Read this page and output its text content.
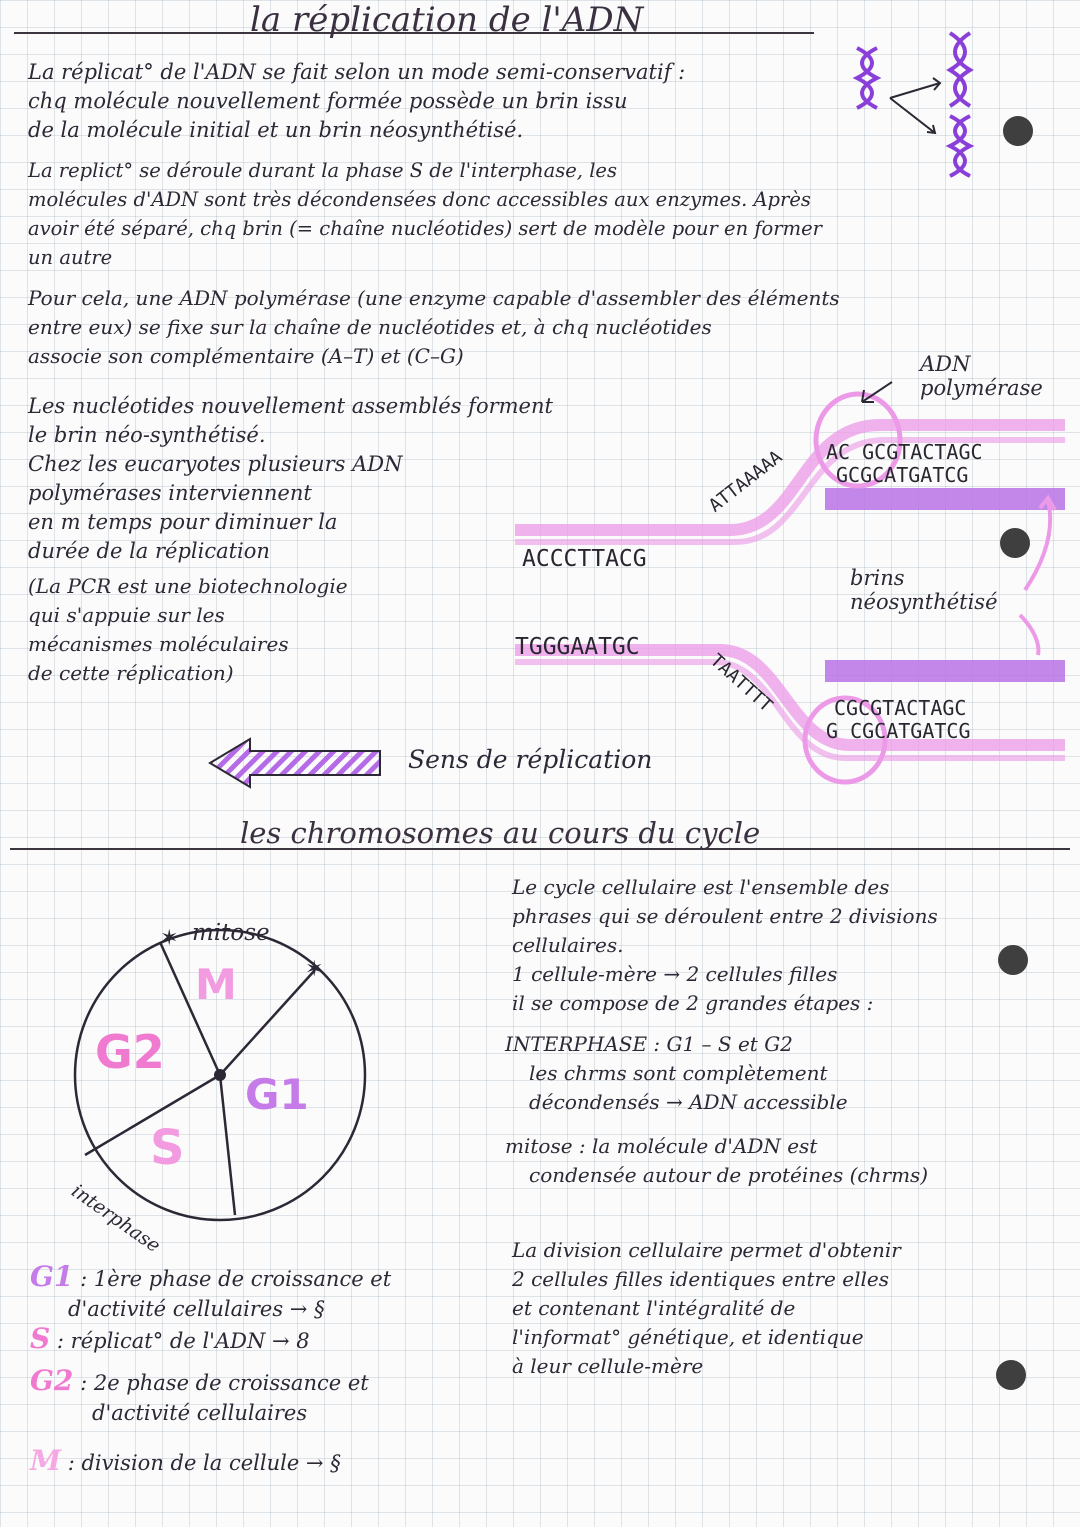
la réplication de l'ADN
La réplicat° de l'ADN se fait selon un mode semi-conservatif :
chq molécule nouvellement formée possède un brin issu
de la molécule initial et un brin néosynthétisé.
La replict° se déroule durant la phase S de l'interphase, les
molécules d'ADN sont très décondensées donc accessibles aux enzymes. Après
avoir été séparé, chq brin (= chaîne nucléotides) sert de modèle pour en former
un autre
Pour cela, une ADN polymérase (une enzyme capable d'assembler des éléments
entre eux) se fixe sur la chaîne de nucléotides et, à chq nucléotides
associe son complémentaire (A–T) et (C–G)
Les nucléotides nouvellement assemblés forment
le brin néo-synthétisé.
Chez les eucaryotes plusieurs ADN
polymérases interviennent
en m temps pour diminuer la
durée de la réplication
(La PCR est une biotechnologie
qui s'appuie sur les
mécanismes moléculaires
de cette réplication)
ADN
polymérase
AC GCGTACTAGC
GCGCATGATCG
ATTAAAAA
ACCCTTACG
brins
néosynthétisé
TGGGAATGC
TAATTTT	CGCGTACTAGC
G CGCATGATCG
Sens de réplication
les chromosomes au cours du cycle
Le cycle cellulaire est l'ensemble des
phrases qui se déroulent entre 2 divisions
cellulaires.
1 cellule-mère → 2 cellules filles
il se compose de 2 grandes étapes :
INTERPHASE : G1 – S et G2
les chrms sont complètement
décondensés → ADN accessible
mitose : la molécule d'ADN est
condensée autour de protéines (chrms)
La division cellulaire permet d'obtenir
2 cellules filles identiques entre elles
et contenant l'intégralité de
l'informat° génétique, et identique
à leur cellule-mère
✶
✶
mitose
interphase
M
G1
S
G2
G1 : 1ère phase de croissance et
d'activité cellulaires → §
S : réplicat° de l'ADN → 8
G2 : 2e phase de croissance et
d'activité cellulaires
M : division de la cellule → §
